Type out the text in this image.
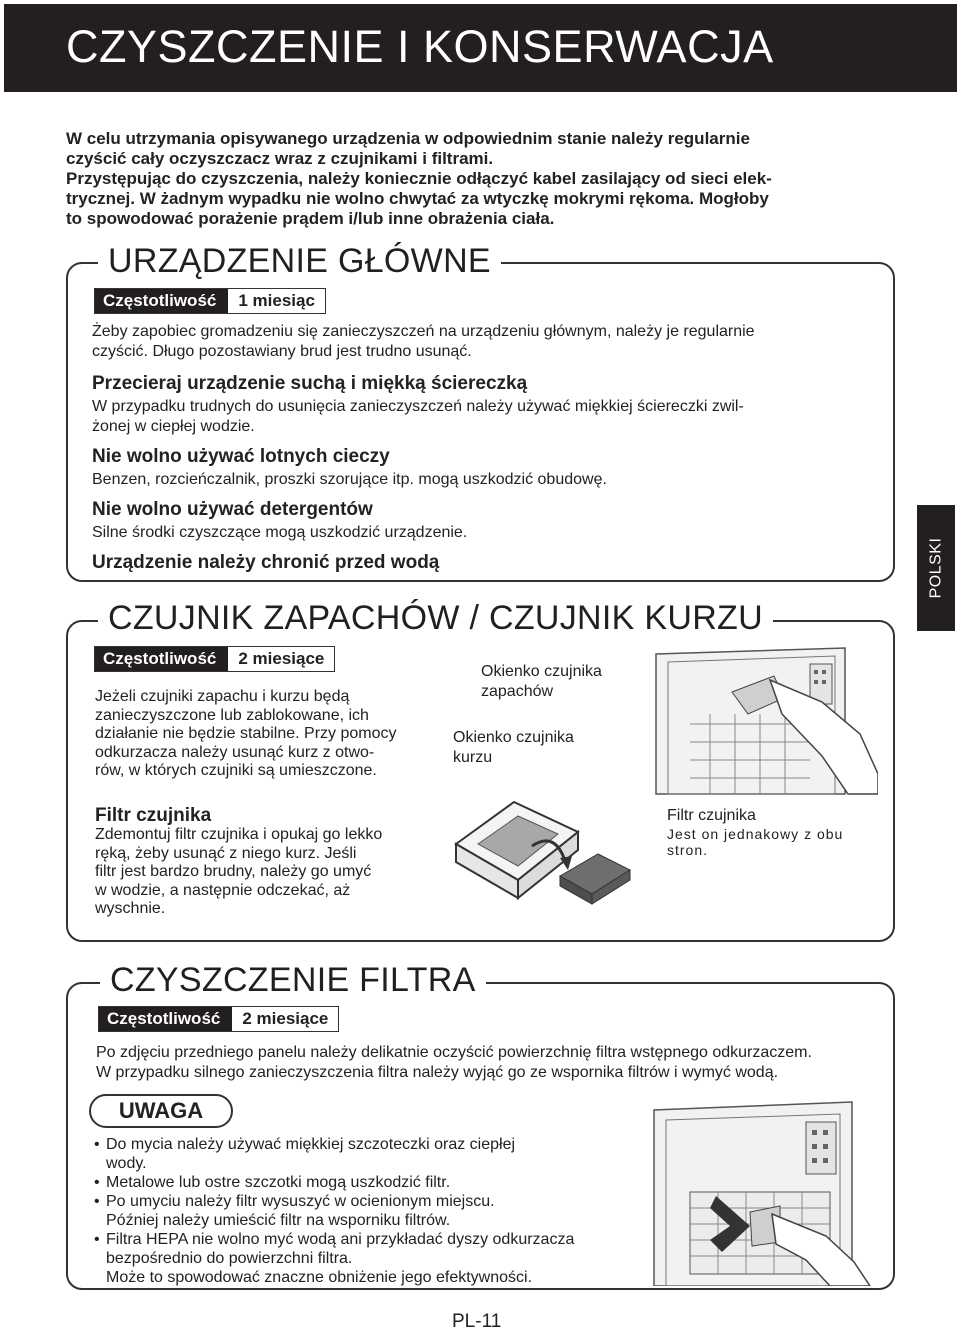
CZYSZCZENIE I KONSERWACJA

W celu utrzymania opisywanego urządzenia w odpowiednim stanie należy regularnie

czyścić cały oczyszczacz wraz z czujnikami i filtrami.

Przystępując do czyszczenia, należy koniecznie odłączyć kabel zasilający od sieci elek-

trycznej. W żadnym wypadku nie wolno chwytać za wtyczkę mokrymi rękoma. Mogłoby

to spowodować porażenie prądem i/lub inne obrażenia ciała.

POLSKI
URZĄDZENIE GŁÓWNE
Częstotliwość	1 miesiąc
Żeby zapobiec gromadzeniu się zanieczyszczeń na urządzeniu głównym, należy je regularnie
czyścić. Długo pozostawiany brud jest trudno usunąć.
Przecieraj urządzenie suchą i miękką ściereczką
W przypadku trudnych do usunięcia zanieczyszczeń należy używać miękkiej ściereczki zwil-
żonej w ciepłej wodzie.
Nie wolno używać lotnych cieczy
Benzen, rozcieńczalnik, proszki szorujące itp. mogą uszkodzić obudowę.
Nie wolno używać detergentów
Silne środki czyszczące mogą uszkodzić urządzenie.
Urządzenie należy chronić przed wodą
CZUJNIK ZAPACHÓW / CZUJNIK KURZU
Częstotliwość	2 miesiące
Jeżeli czujniki zapachu i kurzu będą
zanieczyszczone lub zablokowane, ich
działanie nie będzie stabilne. Przy pomocy
odkurzacza należy usunąć kurz z otwo-
rów, w których czujniki są umieszczone.
Okienko czujnika
zapachów
Okienko czujnika
kurzu
Filtr czujnika
Zdemontuj filtr czujnika i opukaj go lekko
ręką, żeby usunąć z niego kurz. Jeśli
filtr jest bardzo brudny, należy go umyć
w wodzie, a następnie odczekać, aż
wyschnie.
Filtr czujnika
Jest on jednakowy z obu
stron.
CZYSZCZENIE FILTRA
Częstotliwość	2 miesiące
Po zdjęciu przedniego panelu należy delikatnie oczyścić powierzchnię filtra wstępnego odkurzaczem.
W przypadku silnego zanieczyszczenia filtra należy wyjąć go ze wspornika filtrów i wymyć wodą.
UWAGA
• Do mycia należy używać miękkiej szczoteczki oraz ciepłej
wody.
• Metalowe lub ostre szczotki mogą uszkodzić filtr.
• Po umyciu należy filtr wysuszyć w ocienionym miejscu.
Później należy umieścić filtr na wsporniku filtrów.
• Filtra HEPA nie wolno myć wodą ani przykładać dyszy odkurzacza
bezpośrednio do powierzchni filtra.
Może to spowodować znaczne obniżenie jego efektywności.
PL-11
